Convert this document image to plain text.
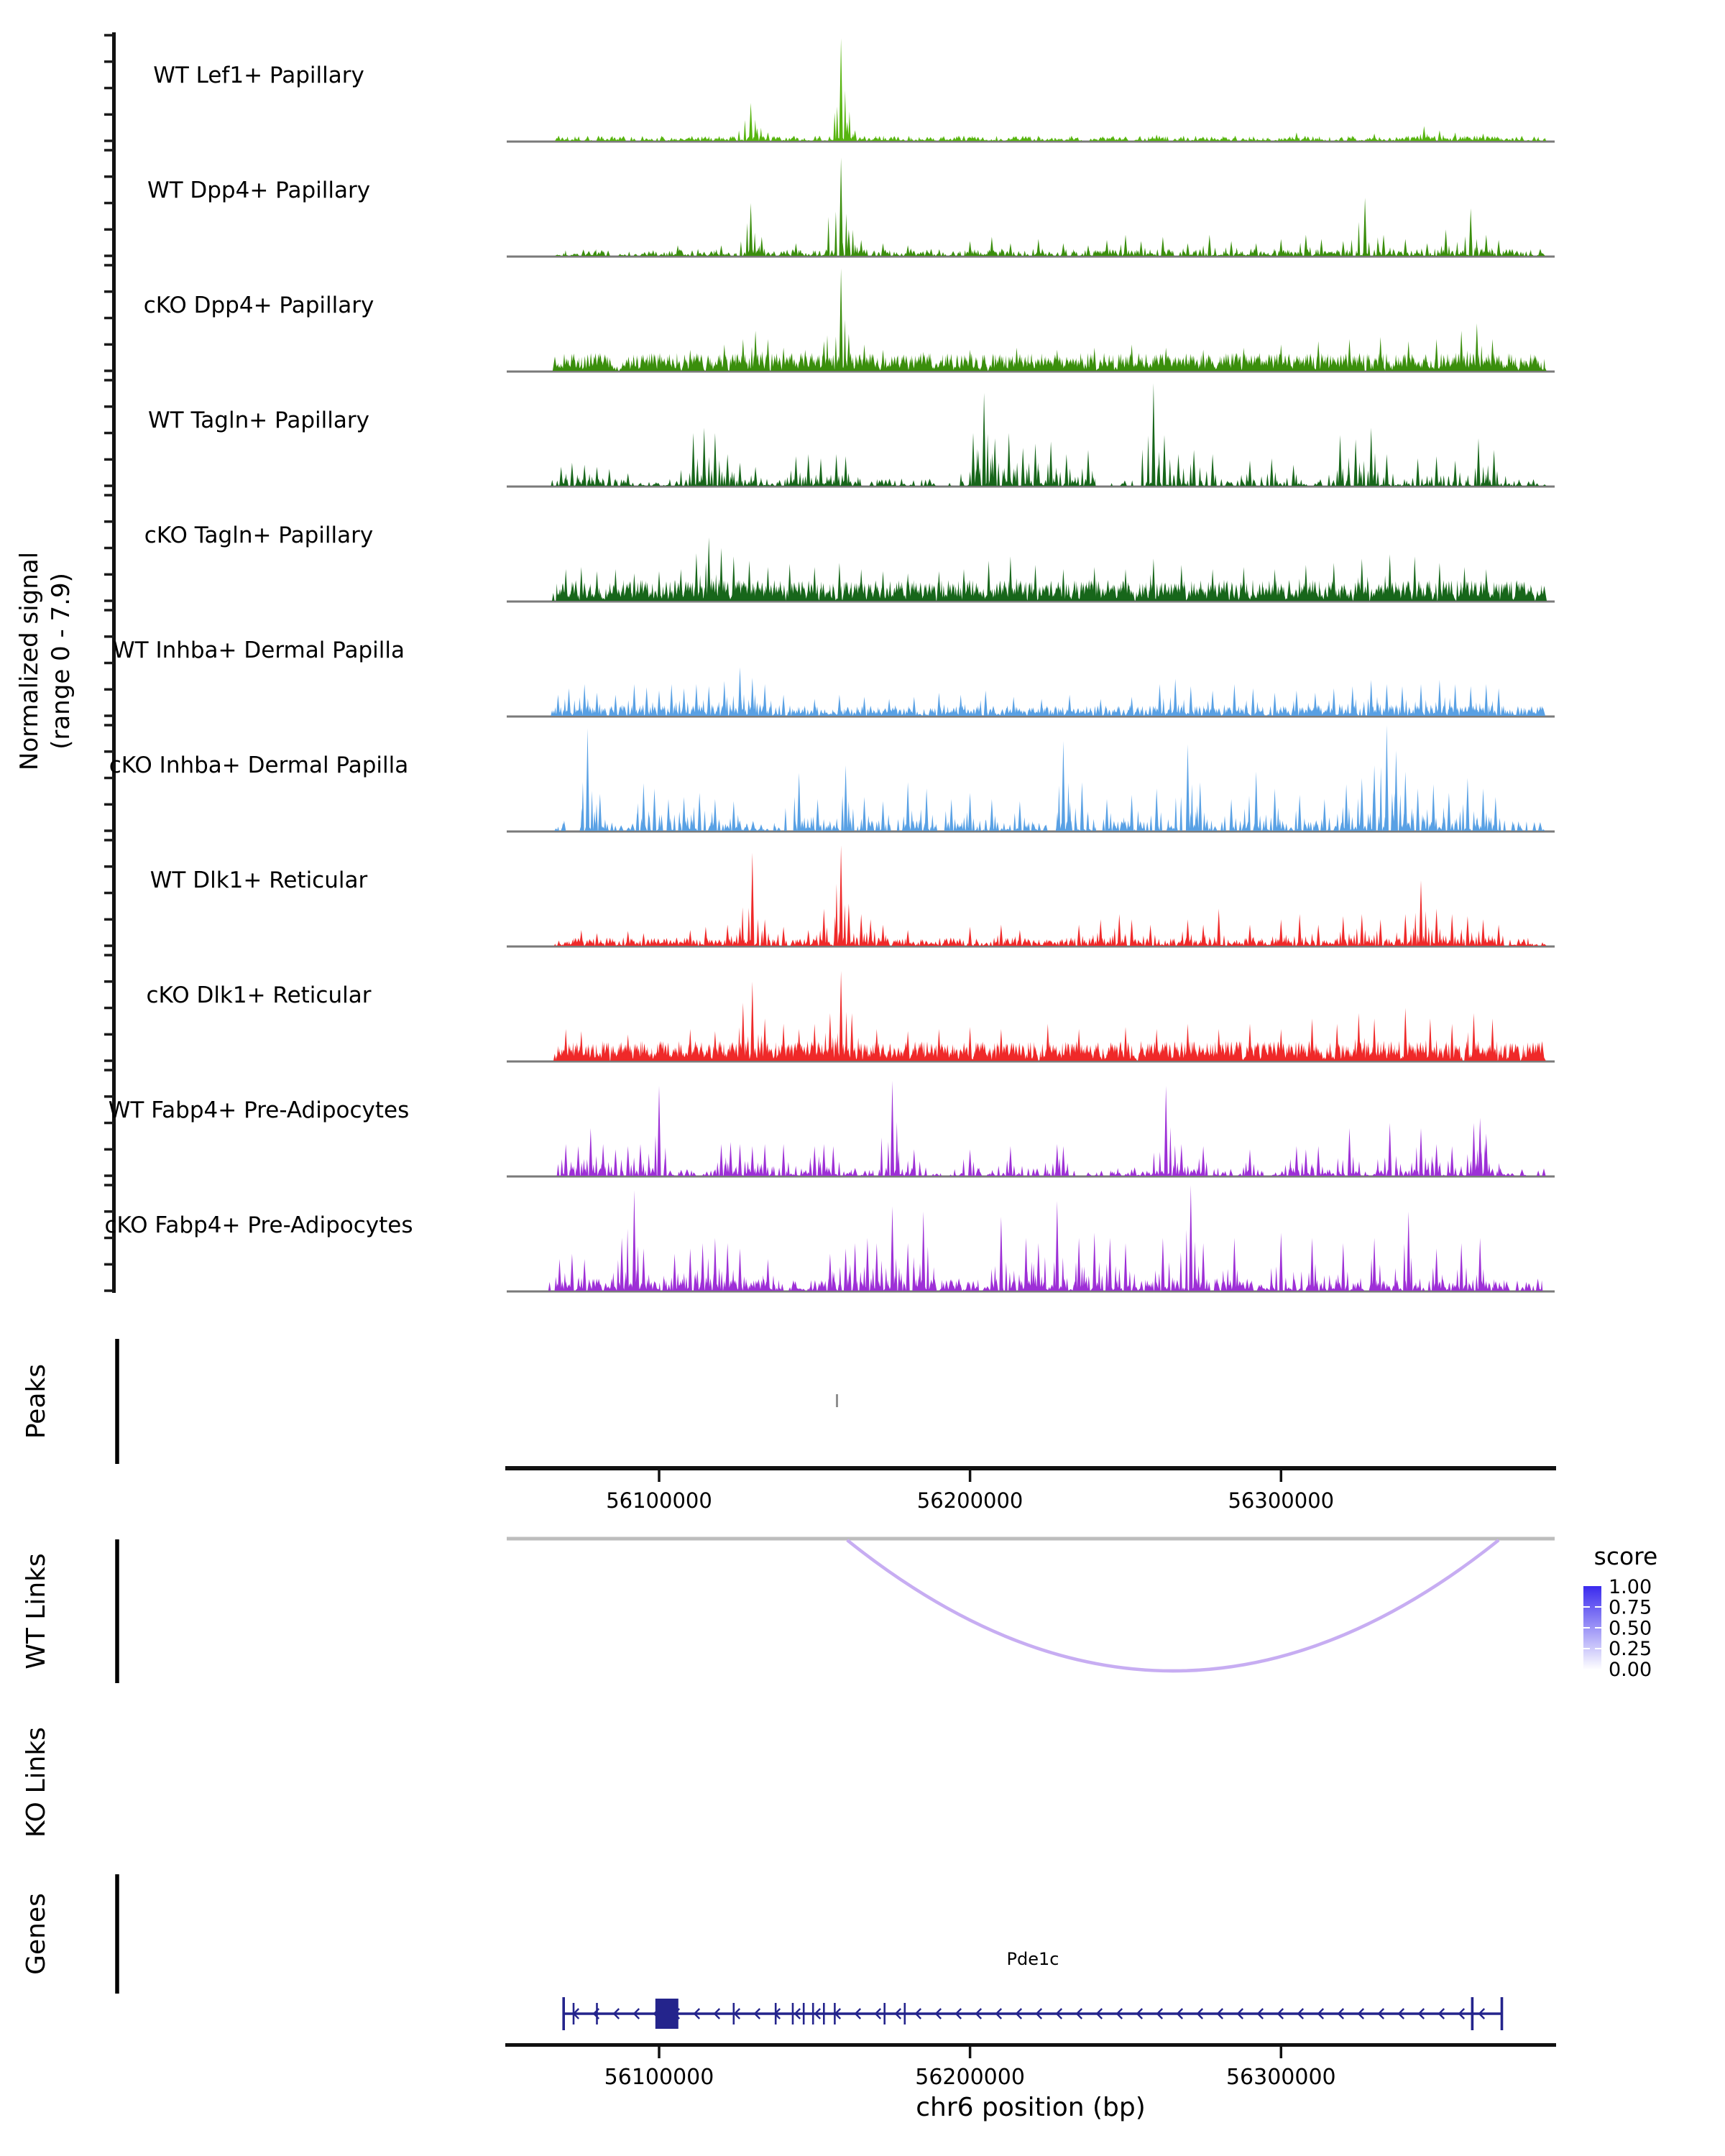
Normalized signal (range 0 - 7.9)
WT Lef1+ Papillary
WT Dpp4+ Papillary
cKO Dpp4+ Papillary
WT Tagln+ Papillary
cKO Tagln+ Papillary
WT Inhba+ Dermal Papilla
cKO Inhba+ Dermal Papilla
WT Dlk1+ Reticular
cKO Dlk1+ Reticular
WT Fabp4+ Pre-Adipocytes
cKO Fabp4+ Pre-Adipocytes
Peaks
56100000	56200000	56300000
WT Links	score
1.00
0.75
0.50
0.25
0.00
KO Links
Genes	Pde1c
56100000	56200000	56300000
chr6 position (bp)
